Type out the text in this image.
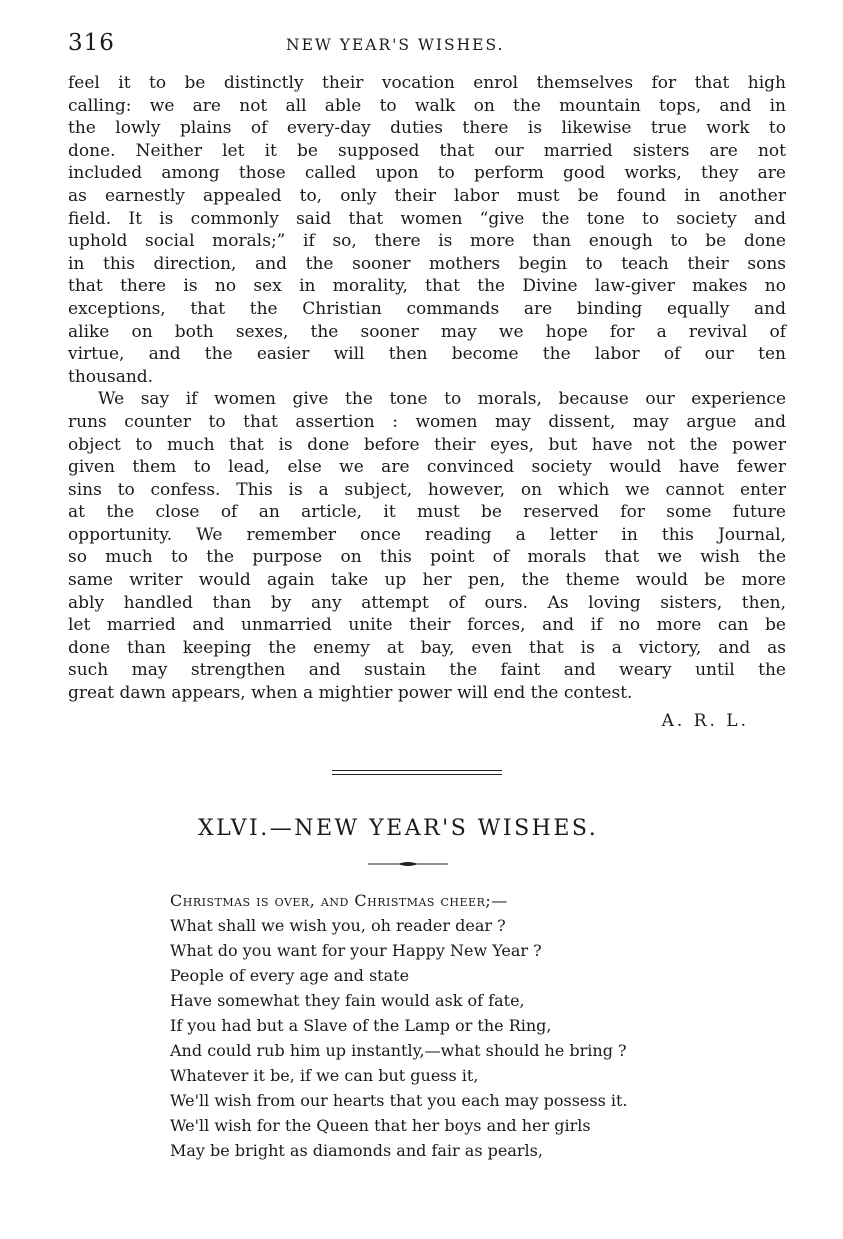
316	NEW YEAR'S WISHES.
feel it to be distinctly their vocation enrol themselves for that high
calling: we are not all able to walk on the mountain tops, and in
the lowly plains of every-day duties there is likewise true work to
done. Neither let it be supposed that our married sisters are not
included among those called upon to perform good works, they are
as earnestly appealed to, only their labor must be found in another
field. It is commonly said that women “give the tone to society and
uphold social morals;” if so, there is more than enough to be done
in this direction, and the sooner mothers begin to teach their sons
that there is no sex in morality, that the Divine law-giver makes no
exceptions, that the Christian commands are binding equally and
alike on both sexes, the sooner may we hope for a revival of
virtue, and the easier will then become the labor of our ten
thousand.
We say if women give the tone to morals, because our experience
runs counter to that assertion : women may dissent, may argue and
object to much that is done before their eyes, but have not the power
given them to lead, else we are convinced society would have fewer
sins to confess. This is a subject, however, on which we cannot enter
at the close of an article, it must be reserved for some future
opportunity. We remember once reading a letter in this Journal,
so much to the purpose on this point of morals that we wish the
same writer would again take up her pen, the theme would be more
ably handled than by any attempt of ours. As loving sisters, then,
let married and unmarried unite their forces, and if no more can be
done than keeping the enemy at bay, even that is a victory, and as
such may strengthen and sustain the faint and weary until the
great dawn appears, when a mightier power will end the contest.
A. R. L.
XLVI.—NEW YEAR'S WISHES.
Christmas is over, and Christmas cheer;—
What shall we wish you, oh reader dear ?
What do you want for your Happy New Year ?
People of every age and state
Have somewhat they fain would ask of fate,
If you had but a Slave of the Lamp or the Ring,
And could rub him up instantly,—what should he bring ?
Whatever it be, if we can but guess it,
We'll wish from our hearts that you each may possess it.
We'll wish for the Queen that her boys and her girls
May be bright as diamonds and fair as pearls,
